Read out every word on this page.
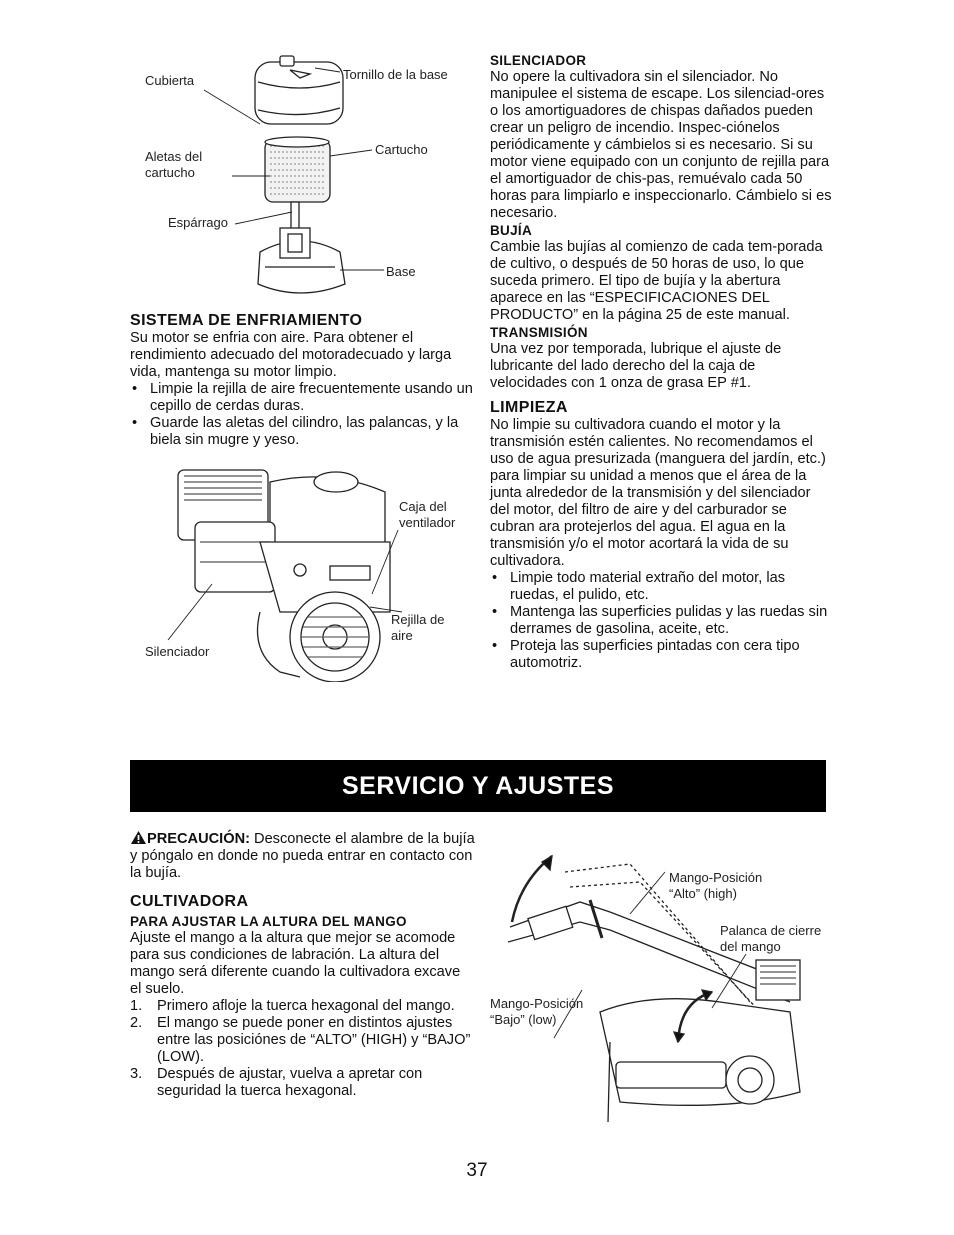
Cubierta	Tornillo de la base
Cartucho
Aletas del
cartucho
Espárrago
Base
SISTEMA DE ENFRIAMIENTO
Su motor se enfria con aire. Para obtener el rendimiento adecuado del motoradecuado y larga vida, mantenga su motor limpio.
• Limpie la rejilla de aire frecuentemente usando un cepillo de cerdas duras.
• Guarde las aletas del cilindro, las palancas, y la biela sin mugre y yeso.
Caja del
ventilador
Rejilla de
aire
Silenciador
SILENCIADOR
No opere la cultivadora sin el silenciador. No manipulee el sistema de escape. Los silenciad-ores o los amortiguadores de chispas dañados pueden crear un peligro de incendio. Inspec-ciónelos periódicamente y cámbielos si es necesario. Si su motor viene equipado con un conjunto de rejilla para el amortiguador de chis-pas, remuévalo cada 50 horas para limpiarlo e inspeccionarlo. Cámbielo si es necesario.
BUJÍA
Cambie las bujías al comienzo de cada tem-porada de cultivo, o después de 50 horas de uso, lo que suceda primero. El tipo de bujía y la abertura aparece en las “ESPECIFICACIONES DEL PRODUCTO” en la página 25 de este manual.
TRANSMISIÓN
Una vez por temporada, lubrique el ajuste de lubricante del lado derecho del la caja de velocidades con 1 onza de grasa EP #1.
LIMPIEZA
No limpie su cultivadora cuando el motor y la transmisión estén calientes. No recomendamos el uso de agua presurizada (manguera del jardín, etc.) para limpiar su unidad a menos que el área de la junta alrededor de la transmisión y del silenciador del motor, del filtro de aire y del carburador se cubran ara protejerlos del agua. El agua en la transmisión y/o el motor acortará la vida de su cultivadora.
• Limpie todo material extraño del motor, las ruedas, el pulido, etc.
• Mantenga las superficies pulidas y las ruedas sin derrames de gasolina, aceite, etc.
• Proteja las superficies pintadas con cera tipo automotriz.
SERVICIO Y AJUSTES
PRECAUCIÓN: Desconecte el alambre de la bujía y póngalo en donde no pueda entrar en contacto con la bujía.
CULTIVADORA
PARA AJUSTAR LA ALTURA DEL MANGO
Ajuste el mango a la altura que mejor se acomode para sus condiciones de labración. La altura del mango será diferente cuando la cultivadora excave el suelo.
1. Primero afloje la tuerca hexagonal del mango.
2. El mango se puede poner en distintos ajustes entre las posiciónes de “ALTO” (HIGH) y “BAJO” (LOW).
3. Después de ajustar, vuelva a apretar con seguridad la tuerca hexagonal.
Mango-Posición
“Alto” (high)
Palanca de cierre
del mango
Mango-Posición
“Bajo” (low)
37
